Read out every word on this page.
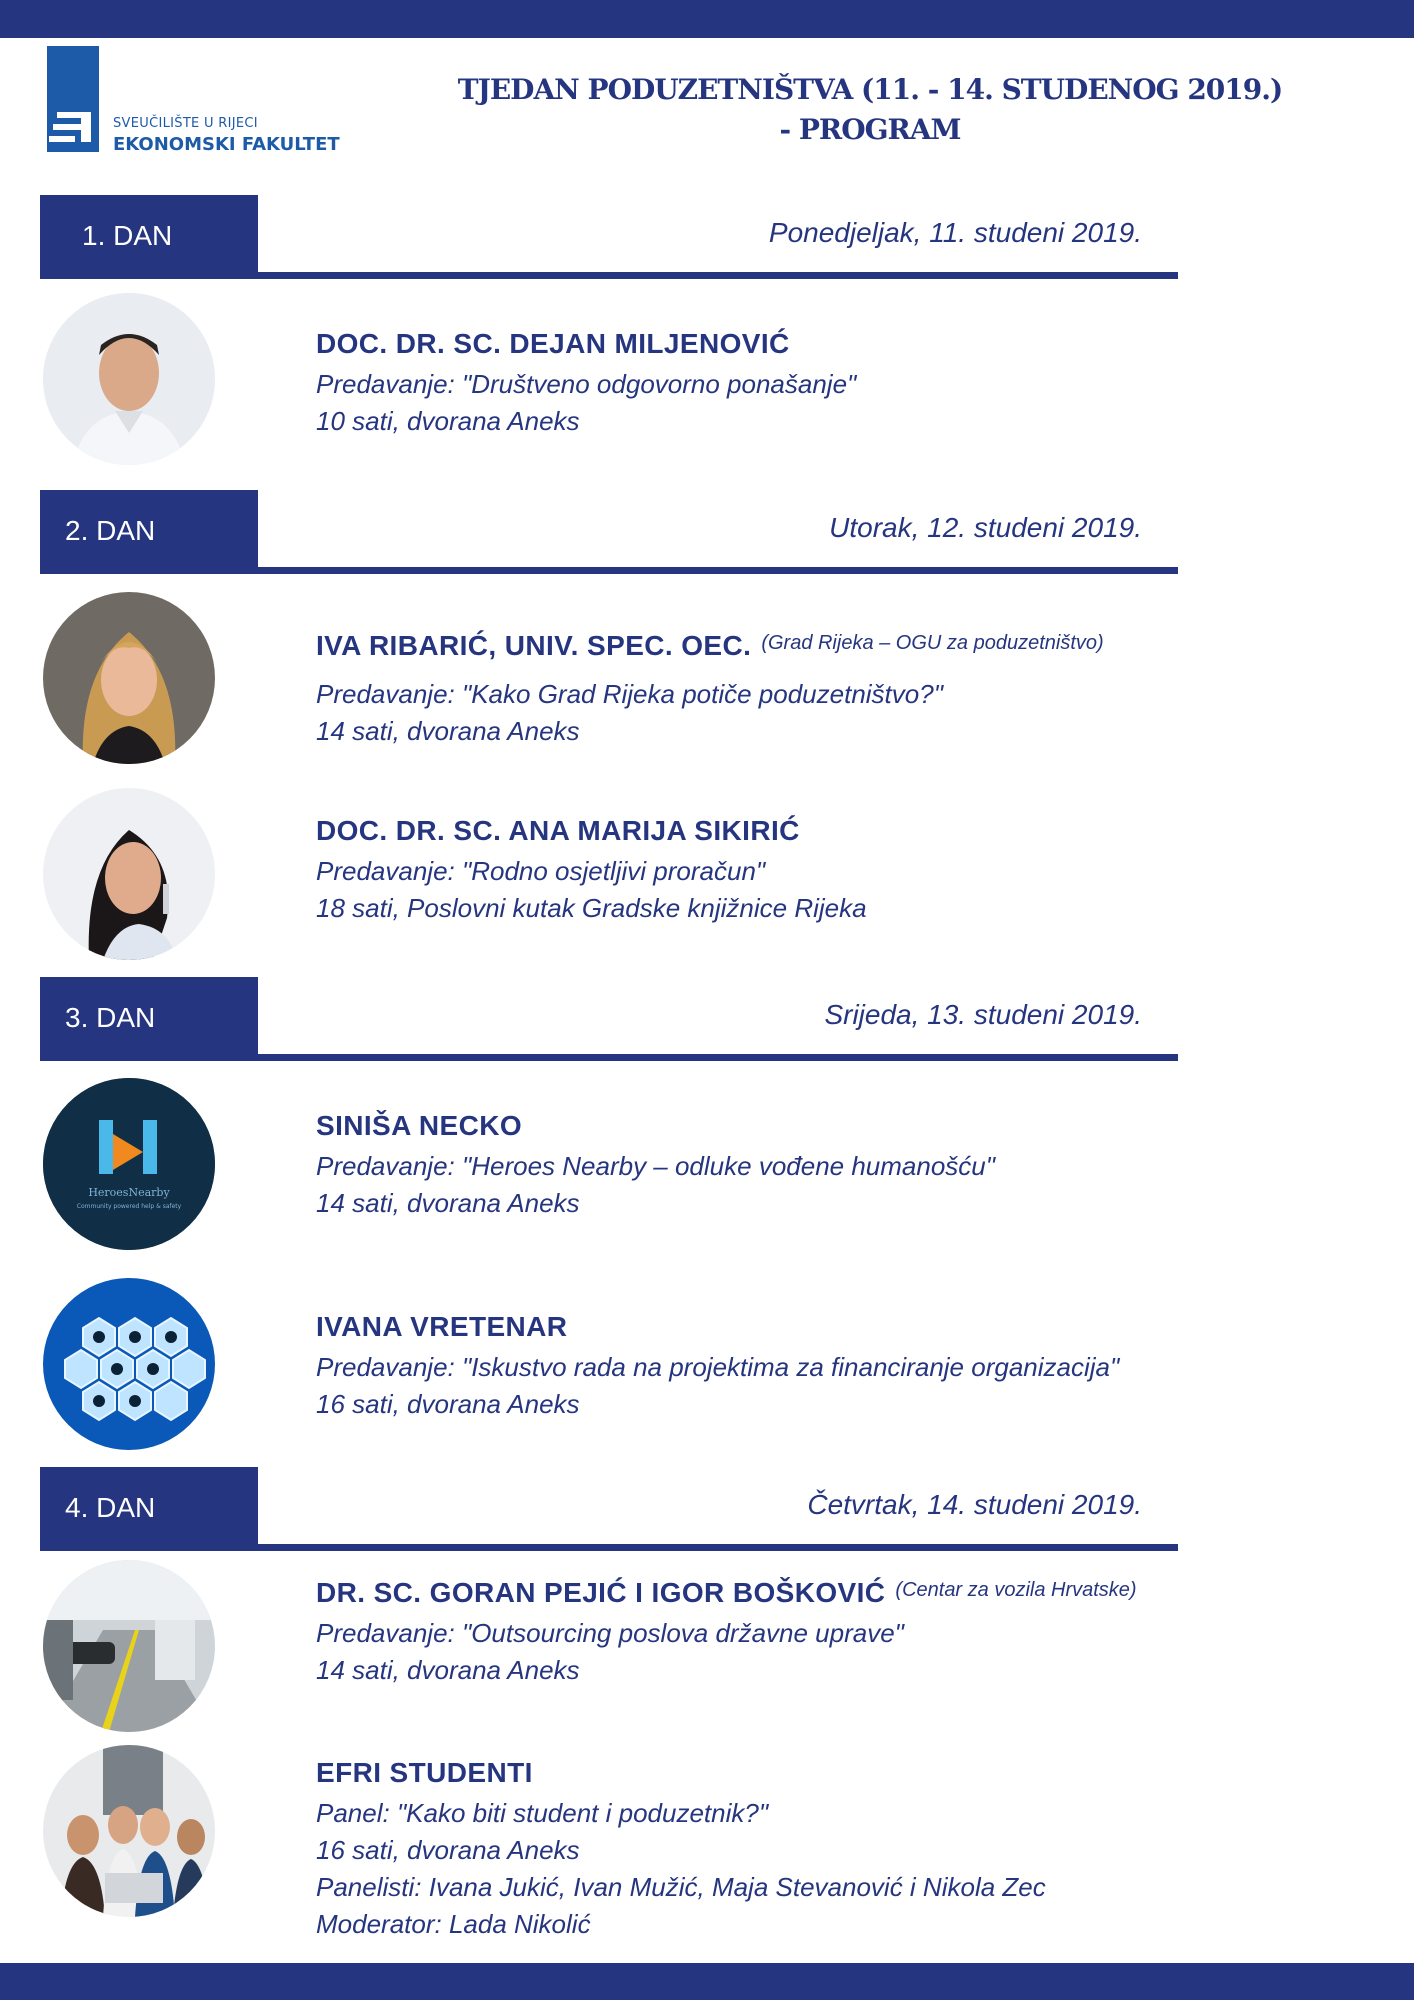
SVEUČILIŠTE U RIJECI
EKONOMSKI FAKULTET
TJEDAN PODUZETNIŠTVA (11. - 14. STUDENOG 2019.)
- PROGRAM
1. DAN	Ponedjeljak, 11. studeni 2019.
DOC. DR. SC. DEJAN MILJENOVIĆ
Predavanje: "Društveno odgovorno ponašanje"
10 sati, dvorana Aneks
2. DAN	Utorak, 12. studeni 2019.
IVA RIBARIĆ, UNIV. SPEC. OEC. $^{(Grad Rijeka - OGU za poduzetništvo)}$
Predavanje: "Kako Grad Rijeka potiče poduzetništvo?"
14 sati, dvorana Aneks
DOC. DR. SC. ANA MARIJA SIKIRIĆ
Predavanje: "Rodno osjetljivi proračun"
18 sati, Poslovni kutak Gradske knjižnice Rijeka
3. DAN	Srijeda, 13. studeni 2019.
HeroesNearby
Community powered help & safety
SINIŠA NECKO
Predavanje: "Heroes Nearby – odluke vođene humanošću"
14 sati, dvorana Aneks
IVANA VRETENAR
Predavanje: "Iskustvo rada na projektima za financiranje organizacija"
16 sati, dvorana Aneks
4. DAN	Četvrtak, 14. studeni 2019.
DR. SC. GORAN PEJIĆ I IGOR BOŠKOVIĆ $^{(Centar za vozila Hrvatske)}$
Predavanje: "Outsourcing poslova državne uprave"
14 sati, dvorana Aneks
EFRI STUDENTI
Panel: "Kako biti student i poduzetnik?"
16 sati, dvorana Aneks
Panelisti: Ivana Jukić, Ivan Mužić, Maja Stevanović i Nikola Zec
Moderator: Lada Nikolić
